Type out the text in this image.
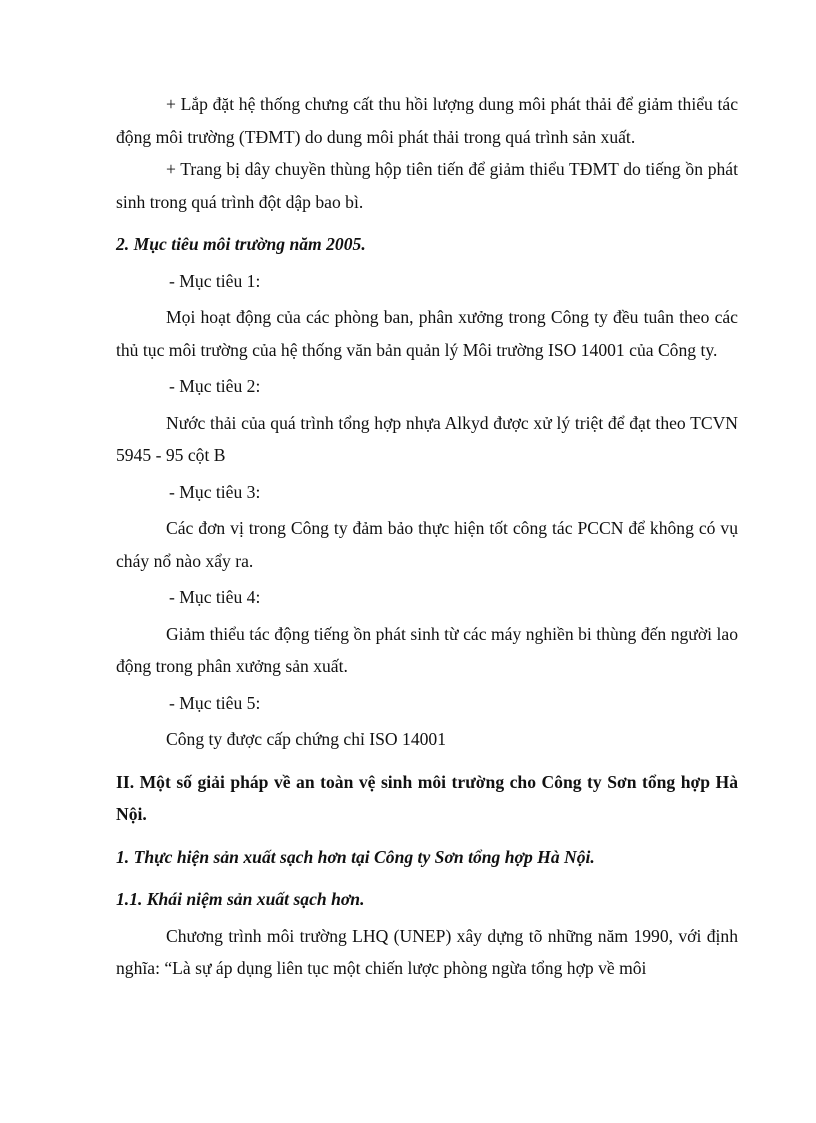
+ Lắp đặt hệ thống chưng cất thu hồi lượng dung môi phát thải để giảm thiểu tác động môi trường (TĐMT) do dung môi phát thải trong quá trình sản xuất.

+ Trang bị dây chuyền thùng hộp tiên tiến để giảm thiểu TĐMT do tiếng ồn phát sinh trong quá trình đột dập bao bì.

2. Mục tiêu môi trường năm 2005.

- Mục tiêu 1:

Mọi hoạt động của các phòng ban, phân xưởng trong Công ty đều tuân theo các thủ tục môi trường của hệ thống văn bản quản lý Môi trường ISO 14001 của Công ty.

- Mục tiêu 2:

Nước thải của quá trình tổng hợp nhựa Alkyd được xử lý triệt để đạt theo TCVN 5945 - 95 cột B

- Mục tiêu 3:

Các đơn vị trong Công ty đảm bảo thực hiện tốt công tác PCCN để không có vụ cháy nổ nào xẩy ra.

- Mục tiêu 4:

Giảm thiểu tác động tiếng ồn phát sinh từ các máy nghiền bi thùng đến người lao động trong phân xưởng sản xuất.

- Mục tiêu 5:

Công ty được cấp chứng chỉ ISO 14001

II. Một số giải pháp về an toàn vệ sinh môi trường cho Công ty Sơn tổng hợp Hà Nội.

1. Thực hiện sản xuất sạch hơn tại Công ty Sơn tổng hợp Hà Nội.

1.1. Khái niệm sản xuất sạch hơn.

Chương trình môi trường LHQ (UNEP) xây dựng tõ những năm 1990, với định nghĩa: “Là sự áp dụng liên tục một chiến lược phòng ngừa tổng hợp về môi
